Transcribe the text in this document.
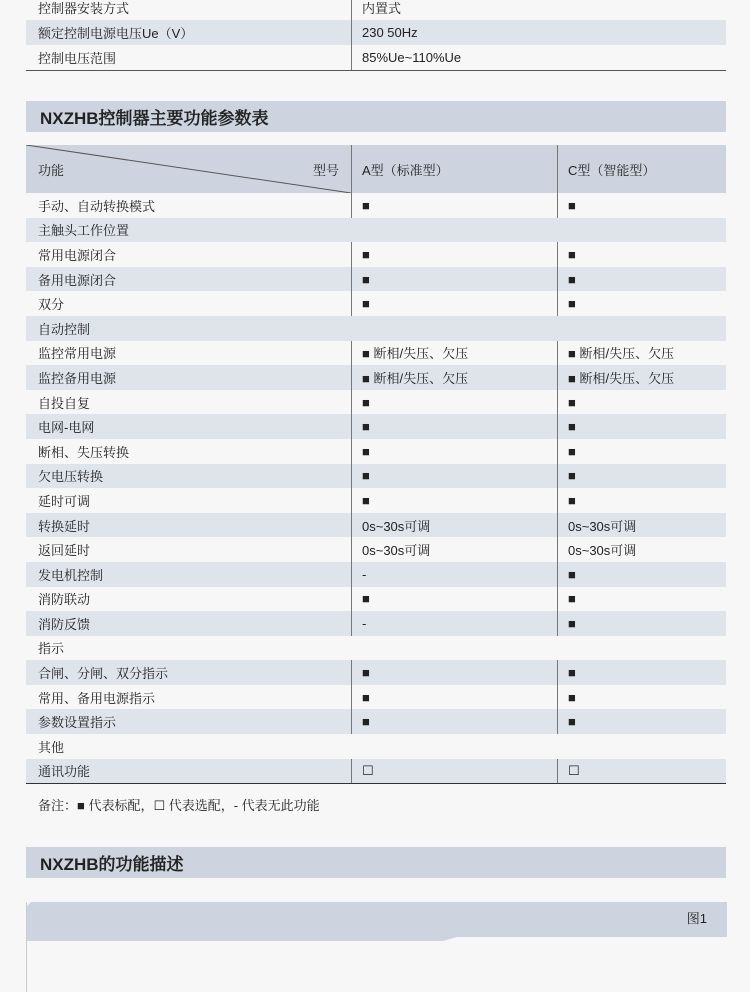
控制器安装方式	内置式
额定控制电源电压Ue（V）	230 50Hz
控制电压范围	85%Ue~110%Ue
NXZHB控制器主要功能参数表
功能	型号	A型（标准型）	C型（智能型）
手动、自动转换模式	■	■
主触头工作位置
常用电源闭合	■	■
备用电源闭合	■	■
双分	■	■
自动控制
监控常用电源	■ 断相/失压、欠压	■ 断相/失压、欠压
监控备用电源	■ 断相/失压、欠压	■ 断相/失压、欠压
自投自复	■	■
电网-电网	■	■
断相、失压转换	■	■
欠电压转换	■	■
延时可调	■	■
转换延时	0s~30s可调	0s~30s可调
返回延时	0s~30s可调	0s~30s可调
发电机控制	-	■
消防联动	■	■
消防反馈	-	■
指示
合闸、分闸、双分指示	■	■
常用、备用电源指示	■	■
参数设置指示	■	■
其他
通讯功能	☐	☐
备注：■ 代表标配，☐ 代表选配，- 代表无此功能
NXZHB的功能描述
图1
